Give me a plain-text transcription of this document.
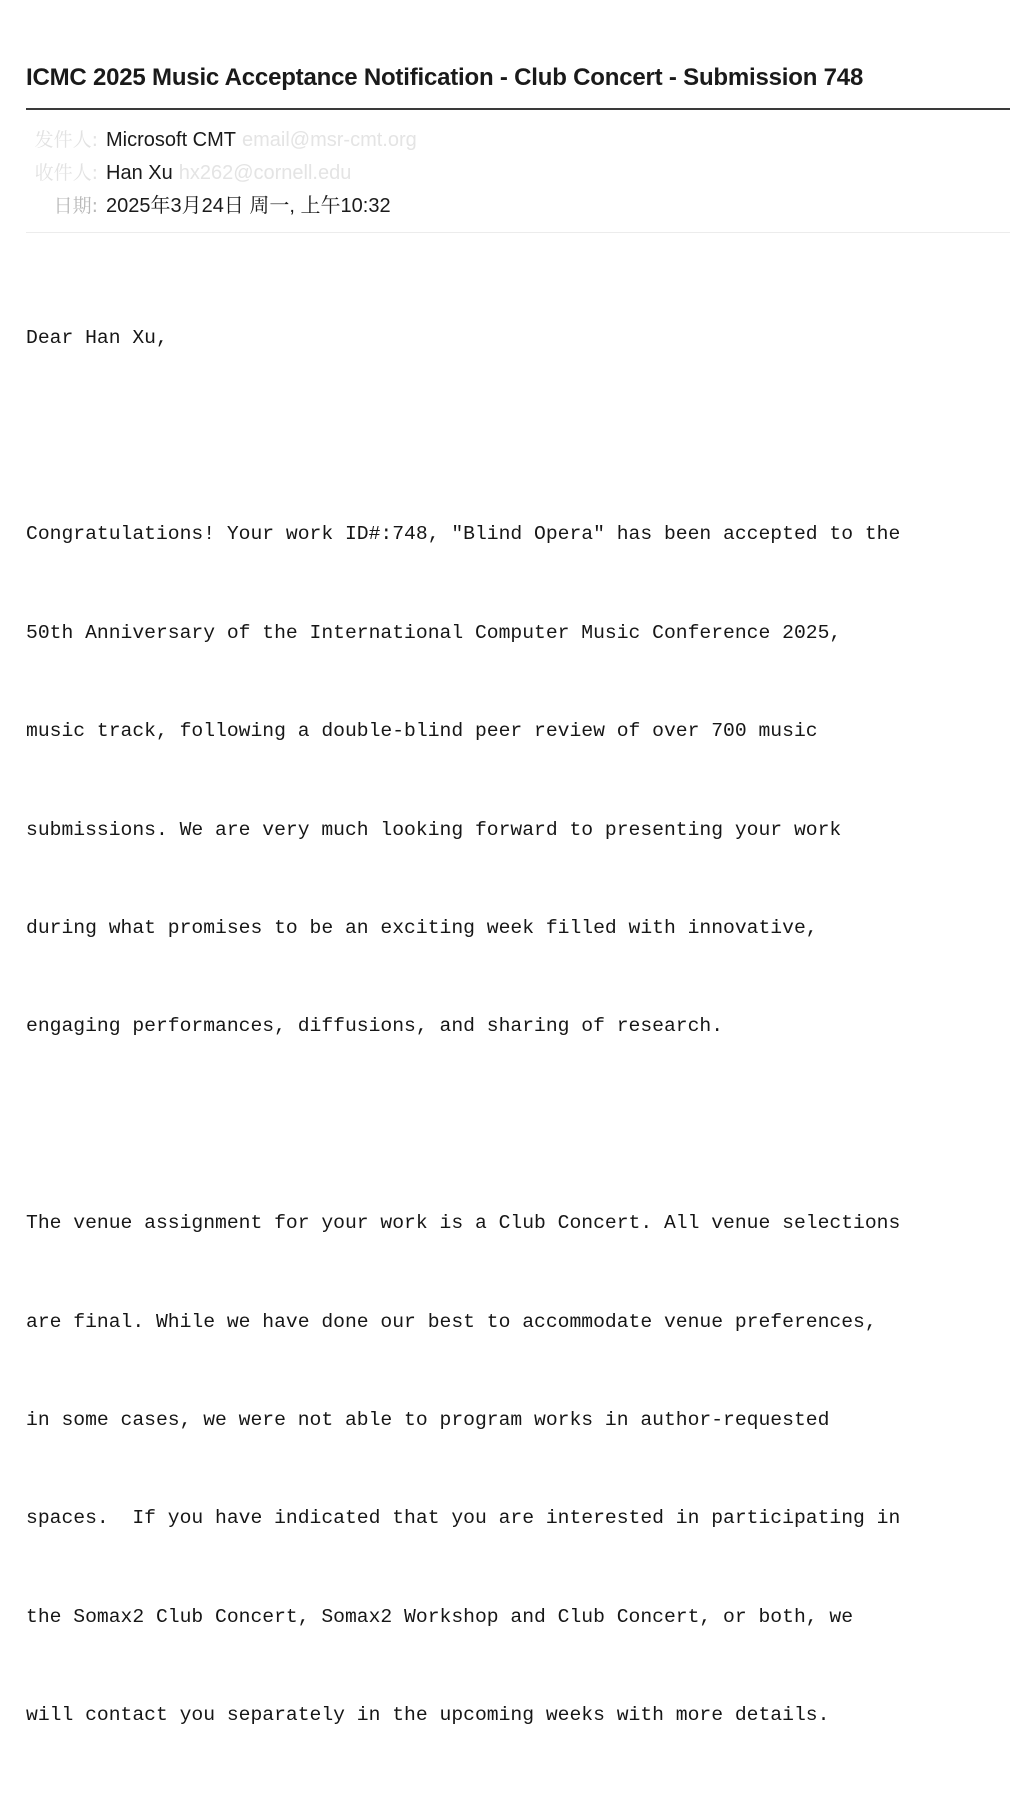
ICMC 2025 Music Acceptance Notification - Club Concert - Submission 748
发件人: Microsoft CMT email@msr-cmt.org
收件人: Han Xu hx262@cornell.edu
日期: 2025年3月24日 周一, 上午10:32

Dear Han Xu,

Congratulations! Your work ID#:748, "Blind Opera" has been accepted to the

50th Anniversary of the International Computer Music Conference 2025,

music track, following a double-blind peer review of over 700 music

submissions. We are very much looking forward to presenting your work

during what promises to be an exciting week filled with innovative,

engaging performances, diffusions, and sharing of research.

The venue assignment for your work is a Club Concert. All venue selections

are final. While we have done our best to accommodate venue preferences,

in some cases, we were not able to program works in author-requested

spaces.  If you have indicated that you are interested in participating in

the Somax2 Club Concert, Somax2 Workshop and Club Concert, or both, we

will contact you separately in the upcoming weeks with more details.
